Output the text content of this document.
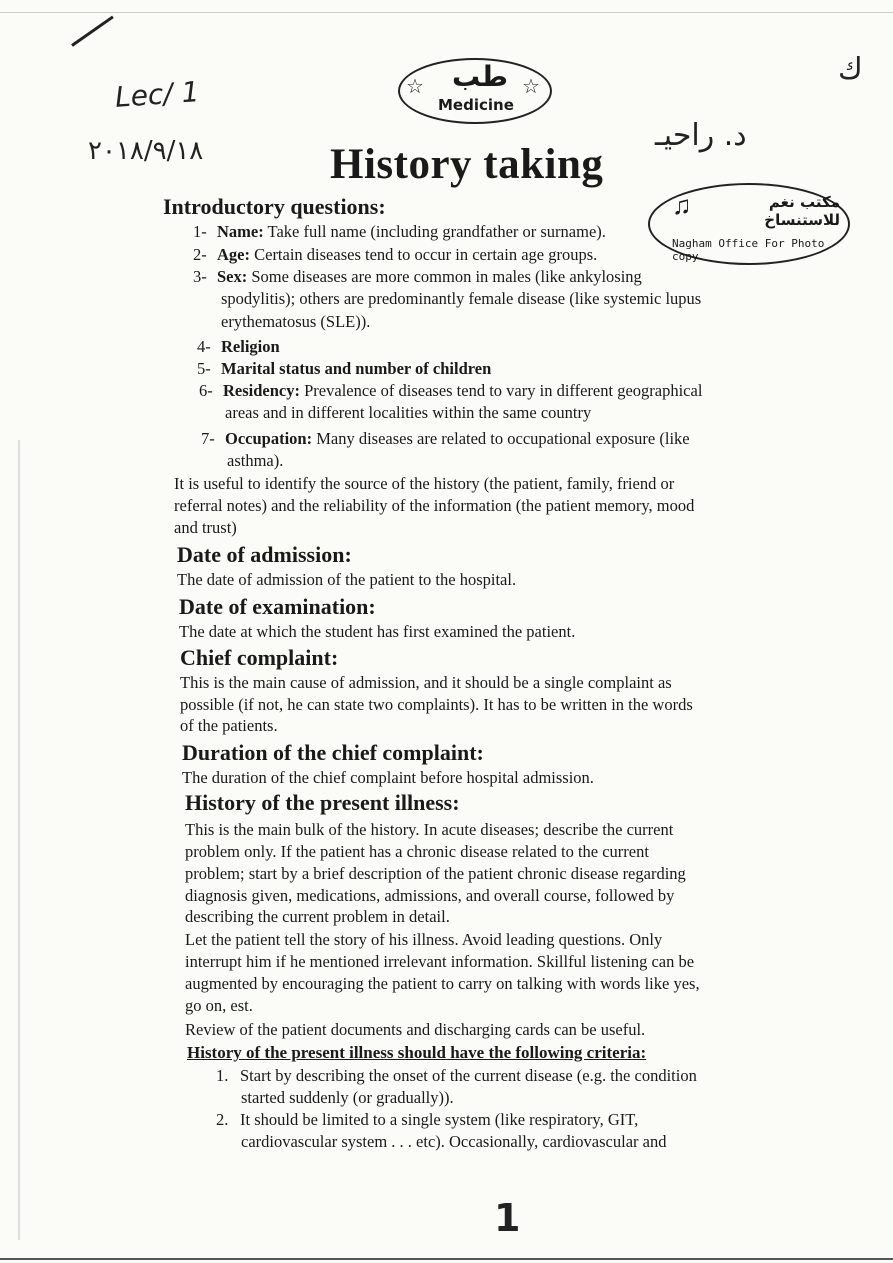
Lec/ 1
٢٠١٨/٩/١٨	د. راحيـ
ك
☆ طب ☆
Medicine
History taking
مكتب نغم للاستنساخ
♫
Nagham Office For Photo copy
Introductory questions:
1- Name: Take full name (including grandfather or surname).
2- Age: Certain diseases tend to occur in certain age groups.
3- Sex: Some diseases are more common in males (like ankylosing
spodylitis); others are predominantly female disease (like systemic lupus
erythematosus (SLE)).
4- Religion
5- Marital status and number of children
6- Residency: Prevalence of diseases tend to vary in different geographical
areas and in different localities within the same country
7- Occupation: Many diseases are related to occupational exposure (like
asthma).
It is useful to identify the source of the history (the patient, family, friend or
referral notes) and the reliability of the information (the patient memory, mood
and trust)
Date of admission:
The date of admission of the patient to the hospital.
Date of examination:
The date at which the student has first examined the patient.
Chief complaint:
This is the main cause of admission, and it should be a single complaint as
possible (if not, he can state two complaints). It has to be written in the words
of the patients.
Duration of the chief complaint:
The duration of the chief complaint before hospital admission.
History of the present illness:
This is the main bulk of the history. In acute diseases; describe the current
problem only. If the patient has a chronic disease related to the current
problem; start by a brief description of the patient chronic disease regarding
diagnosis given, medications, admissions, and overall course, followed by
describing the current problem in detail.
Let the patient tell the story of his illness. Avoid leading questions. Only
interrupt him if he mentioned irrelevant information. Skillful listening can be
augmented by encouraging the patient to carry on talking with words like yes,
go on, est.
Review of the patient documents and discharging cards can be useful.
History of the present illness should have the following criteria:
1. Start by describing the onset of the current disease (e.g. the condition
started suddenly (or gradually)).
2. It should be limited to a single system (like respiratory, GIT,
cardiovascular system . . . etc). Occasionally, cardiovascular and
1
